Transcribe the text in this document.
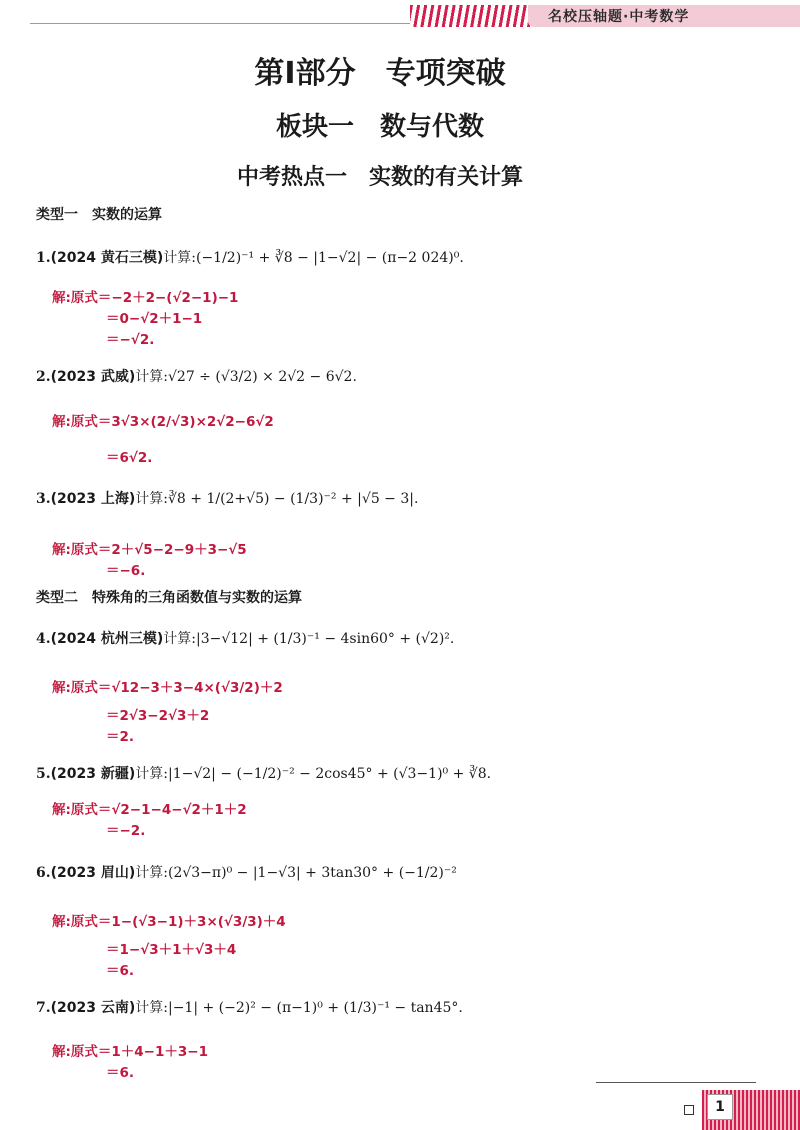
名校压轴题·中考数学
第Ⅰ部分　专项突破
板块一　数与代数
中考热点一　实数的有关计算
类型一　实数的运算
1.(2024 黄石三模)计算:(−1/2)⁻¹ + ∛8 − |1−√2| − (π−2 024)⁰.
解:原式＝−2＋2−(√2−1)−1
＝0−√2＋1−1
＝−√2.
2.(2023 武威)计算:√27 ÷ (√3/2) × 2√2 − 6√2.
解:原式＝3√3×(2/√3)×2√2−6√2
＝6√2.
3.(2023 上海)计算:∛8 + 1/(2+√5) − (1/3)⁻² + |√5 − 3|.
解:原式＝2＋√5−2−9＋3−√5
＝−6.
类型二　特殊角的三角函数值与实数的运算
4.(2024 杭州三模)计算:|3−√12| + (1/3)⁻¹ − 4sin60° + (√2)².
解:原式＝√12−3＋3−4×(√3/2)＋2
＝2√3−2√3＋2
＝2.
5.(2023 新疆)计算:|1−√2| − (−1/2)⁻² − 2cos45° + (√3−1)⁰ + ∛8.
解:原式＝√2−1−4−√2＋1＋2
＝−2.
6.(2023 眉山)计算:(2√3−π)⁰ − |1−√3| + 3tan30° + (−1/2)⁻²
解:原式＝1−(√3−1)＋3×(√3/3)＋4
＝1−√3＋1＋√3＋4
＝6.
7.(2023 云南)计算:|−1| + (−2)² − (π−1)⁰ + (1/3)⁻¹ − tan45°.
解:原式＝1＋4−1＋3−1
＝6.
1
